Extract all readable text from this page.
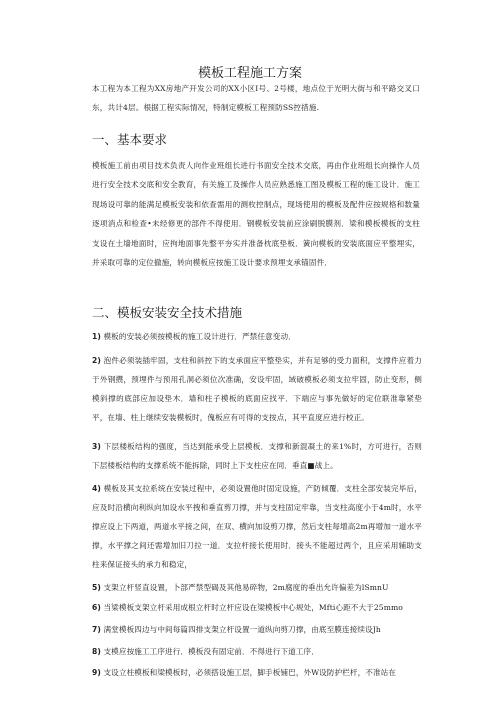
模板工程施工方案

本工程为本工程为XX房地产开发公司的XX小区Ⅰ号、2号楼，地点位于光明大街与和平路交叉口东，共计4层。根据工程实际情况，特制定模板工程预防SS控措施.

一、基本要求

模板施工前由项目技术负责人向作业班组长进行书面安全技术交底，再由作业班组长向操作人员进行安全技术交底和安全教育，有关施工及操作人员应熟悉施工图及模板工程的施工设计．施工现场设可靠的能满足模板安装和依查需用的测枚控制点，现场使用的模板及配件应按规格和数量逐项消点和检查•未经修更的部件不得使用．钢模板安装前应涂刷脱膜剂．梁和模板模板的支柱支设在土墙地面时，应拘地面事先整平夯实并准备枕底垫板．簧向模板的安装底面应平整埋实，并采取可靠的定位撤施，转向模板应按施工设计要求预埋支承锚固件．

二、模板安装安全技术措施

1) 模板的安装必须按模板的施工设计进行．严禁任意变动．

2) 泡件必须装插牢固，支柱和斜控下的支承面应平整垫实，并有足够的受力面积，支撑件应着力于外钢攒，预埋件与预用孔洞必须位次准确，安设牢固，域破模板必须支拉牢固，防止变形，侧模斜撑的底部应加设垫木．墙和柱子模板的底面应找平．下端应与事先做好的定位联准靠紧垫平，在墙、柱上继续安装模板时，傀板应有可得的支按点，其平直度应进行校正。

3) 下层楼板结构的强度，当达到能承受上层模板．支撑和新混凝土的来1%时，方可进行，否则下层楼板结构的支撑系统不能拆除，同时上下支柱应在同．垂直■战上。

4) 模板及其支拉系统在安装过程中，必须设置他时固定设施，产防倾覆．支柱全部安装完毕后，应及时沿横向利纵向加设水平拽和垂直剪刀撑，并与支柱固定牢靠，当支柱高度小于4m时，水平撑应设上下两道，两道水平接之间，在双、横向加设剪刀撑，然后支柱每增高2m再增加一道水平撑，水平撑之间还需增加旧刀拉一道．支拉杆接长使用时．接头不能超过两个，且应采用辅助支柱来保证接头的承力和稳定，

5) 支架立杆竖直设置，卜部严禁型碣及其他易碎物，2m腐度的垂出允许偏差为lSmnU

6) 当梁模板支架立杆采用成根立杆时立杆应设在梁模板中心规处，Mfti心距不大于25mmo

7) 满堂模板四边与中间每篇四排支架立杆设置一道纵向剪刀撑，由底至膜连接续设Jh

8) 支模应按施工工序进行．模板没有固定前．不得进行下道工序．

9) 支设立柱模板和梁模板时，必须搭设施工层，脚手板铺巴，外W设防护栏杆，不准站在
